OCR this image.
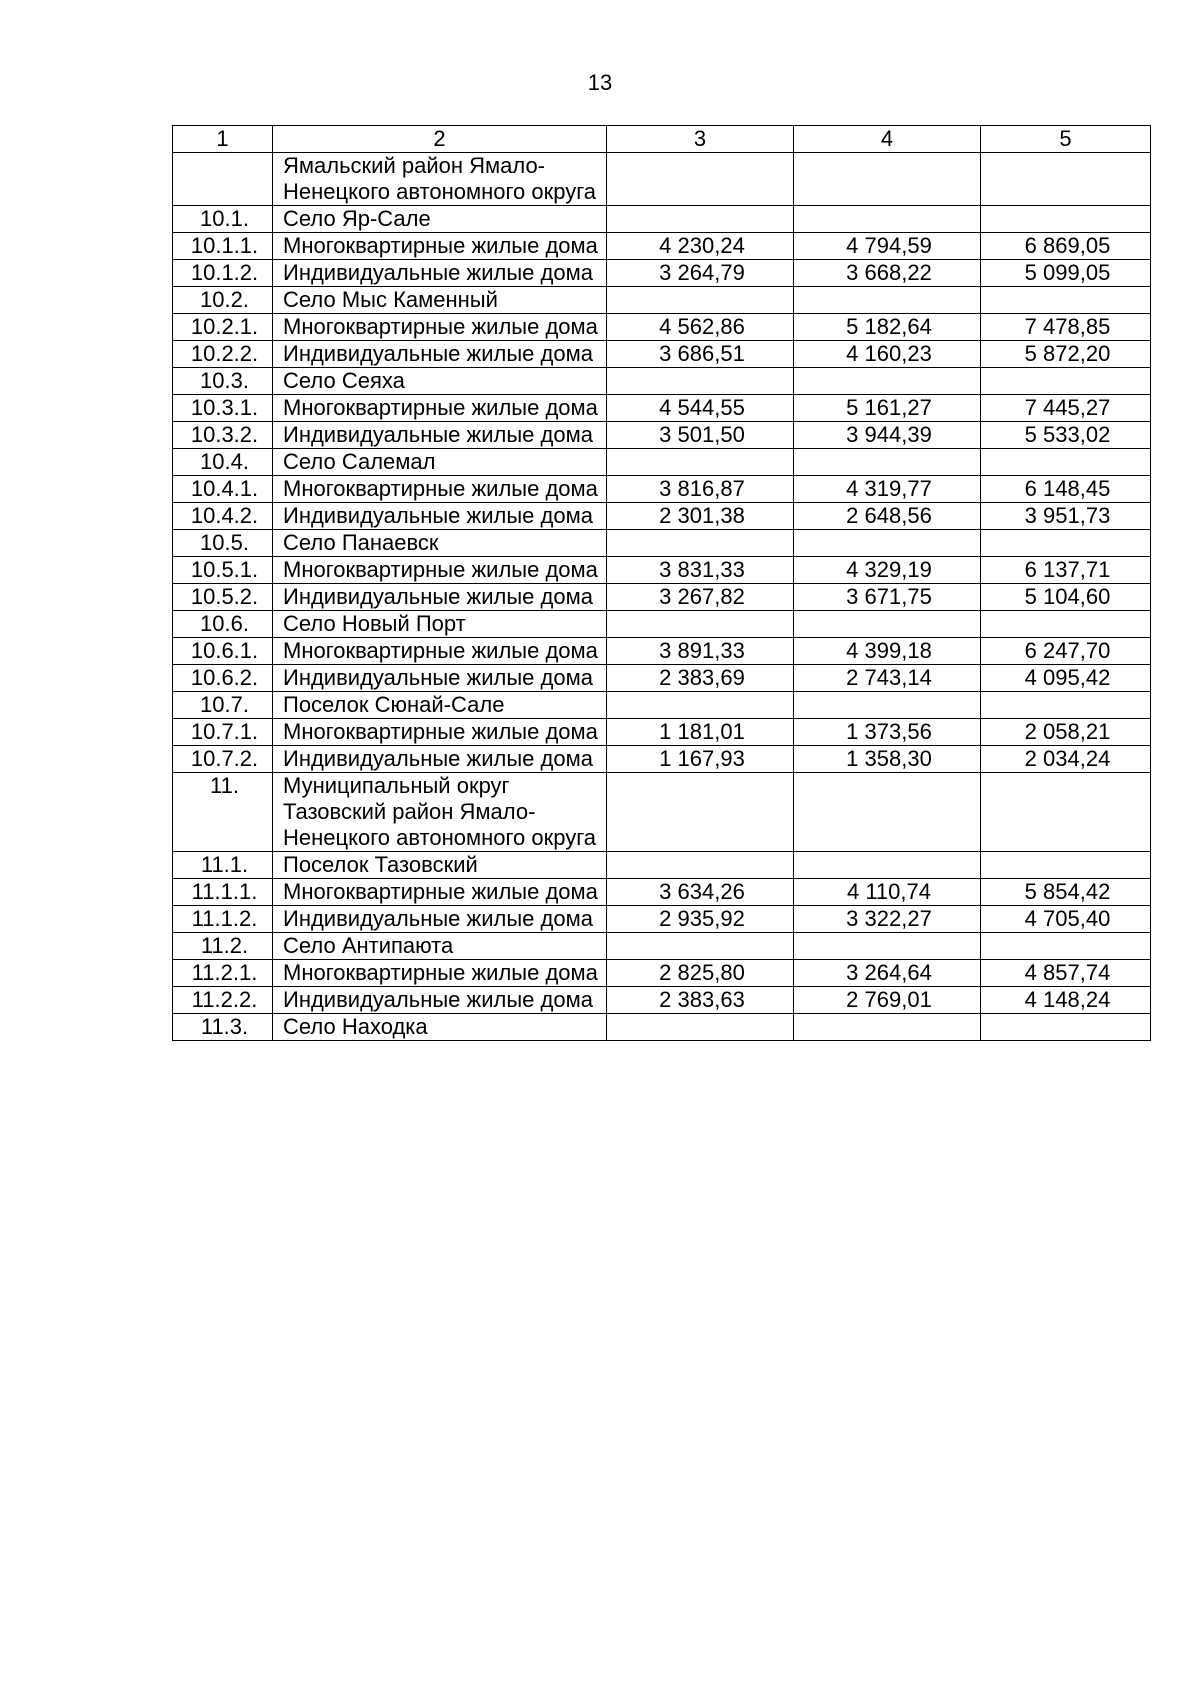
13
1	2	3	4	5
	Ямальский район Ямало-Ненецкого автономного округа			
10.1.	Село Яр-Сале			
10.1.1.	Многоквартирные жилые дома	4 230,24	4 794,59	6 869,05
10.1.2.	Индивидуальные жилые дома	3 264,79	3 668,22	5 099,05
10.2.	Село Мыс Каменный			
10.2.1.	Многоквартирные жилые дома	4 562,86	5 182,64	7 478,85
10.2.2.	Индивидуальные жилые дома	3 686,51	4 160,23	5 872,20
10.3.	Село Сеяха			
10.3.1.	Многоквартирные жилые дома	4 544,55	5 161,27	7 445,27
10.3.2.	Индивидуальные жилые дома	3 501,50	3 944,39	5 533,02
10.4.	Село Салемал			
10.4.1.	Многоквартирные жилые дома	3 816,87	4 319,77	6 148,45
10.4.2.	Индивидуальные жилые дома	2 301,38	2 648,56	3 951,73
10.5.	Село Панаевск			
10.5.1.	Многоквартирные жилые дома	3 831,33	4 329,19	6 137,71
10.5.2.	Индивидуальные жилые дома	3 267,82	3 671,75	5 104,60
10.6.	Село Новый Порт			
10.6.1.	Многоквартирные жилые дома	3 891,33	4 399,18	6 247,70
10.6.2.	Индивидуальные жилые дома	2 383,69	2 743,14	4 095,42
10.7.	Поселок Сюнай-Сале			
10.7.1.	Многоквартирные жилые дома	1 181,01	1 373,56	2 058,21
10.7.2.	Индивидуальные жилые дома	1 167,93	1 358,30	2 034,24
11.	Муниципальный округ Тазовский район Ямало-Ненецкого автономного округа			
11.1.	Поселок Тазовский			
11.1.1.	Многоквартирные жилые дома	3 634,26	4 110,74	5 854,42
11.1.2.	Индивидуальные жилые дома	2 935,92	3 322,27	4 705,40
11.2.	Село Антипаюта			
11.2.1.	Многоквартирные жилые дома	2 825,80	3 264,64	4 857,74
11.2.2.	Индивидуальные жилые дома	2 383,63	2 769,01	4 148,24
11.3.	Село Находка			
